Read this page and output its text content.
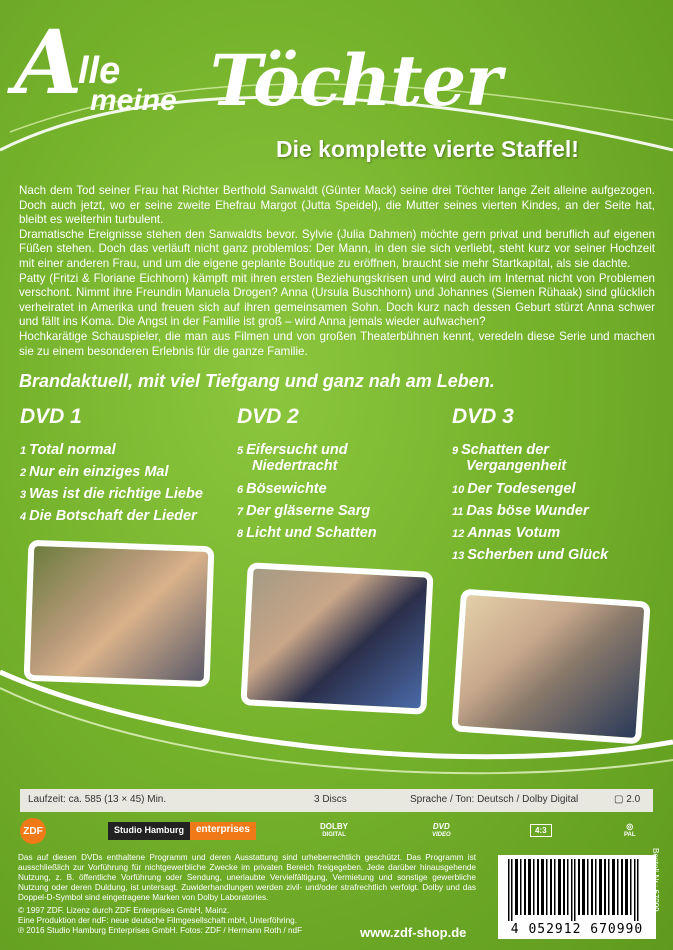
A
lle
meine Töchter
Die komplette vierte Staffel!

Nach dem Tod seiner Frau hat Richter Berthold Sanwaldt (Günter Mack) seine drei Töchter lange Zeit alleine aufgezogen. Doch auch jetzt, wo er seine zweite Ehefrau Margot (Jutta Speidel), die Mutter seines vierten Kindes, an der Seite hat, bleibt es weiterhin turbulent.

Dramatische Ereignisse stehen den Sanwaldts bevor. Sylvie (Julia Dahmen) möchte gern privat und beruflich auf eigenen Füßen stehen. Doch das verläuft nicht ganz problemlos: Der Mann, in den sie sich verliebt, steht kurz vor seiner Hochzeit mit einer anderen Frau, und um die eigene geplante Boutique zu eröffnen, braucht sie mehr Startkapital, als sie dachte.

Patty (Fritzi & Floriane Eichhorn) kämpft mit ihren ersten Beziehungskrisen und wird auch im Internat nicht von Problemen verschont. Nimmt ihre Freundin Manuela Drogen? Anna (Ursula Buschhorn) und Johannes (Siemen Rühaak) sind glücklich verheiratet in Amerika und freuen sich auf ihren gemeinsamen Sohn. Doch kurz nach dessen Geburt stürzt Anna schwer und fällt ins Koma. Die Angst in der Familie ist groß – wird Anna jemals wieder aufwachen?

Hochkarätige Schauspieler, die man aus Filmen und von großen Theaterbühnen kennt, veredeln diese Serie und machen sie zu einem besonderen Erlebnis für die ganze Familie.

Brandaktuell, mit viel Tiefgang und ganz nah am Leben.
DVD 1
1 Total normal
2 Nur ein einziges Mal
3 Was ist die richtige Liebe
4 Die Botschaft der Lieder
DVD 2
5 Eifersucht und
Niedertracht
6 Bösewichte
7 Der gläserne Sarg
8 Licht und Schatten
DVD 3
9 Schatten der
Vergangenheit
10 Der Todesengel
11 Das böse Wunder
12 Annas Votum
13 Scherben und Glück
Laufzeit: ca. 585 (13 × 45) Min.	3 Discs	Sprache / Ton: Deutsch / Dolby Digital	▢ 2.0
ZDF	Studio Hamburg	enterprises	DOLBY
DIGITAL
DVD
VIDEO	4:3	◎
PAL
Das auf diesen DVDs enthaltene Programm und deren Ausstattung sind urheberrechtlich geschützt. Das Programm ist ausschließlich zur Vorführung für nichtgewerbliche Zwecke im privaten Bereich freigegeben. Jede darüber hinausgehende Nutzung, z. B. öffentliche Vorführung oder Sendung, unerlaubte Vervielfältigung, Vermietung und sonstige gewerbliche Nutzung oder deren Duldung, ist untersagt. Zuwiderhandlungen werden zivil- und/oder strafrechtlich verfolgt. Dolby und das Doppel-D-Symbol sind eingetragene Marken von Dolby Laboratories.
© 1997 ZDF. Lizenz durch ZDF Enterprises GmbH, Mainz.
Eine Produktion der ndF: neue deutsche Filmgesellschaft mbH, Unterföhring.
℗ 2016 Studio Hamburg Enterprises GmbH. Fotos: ZDF / Hermann Roth / ndF	www.zdf-shop.de	4 052912 670990
Bestell-Nr.: 67099
